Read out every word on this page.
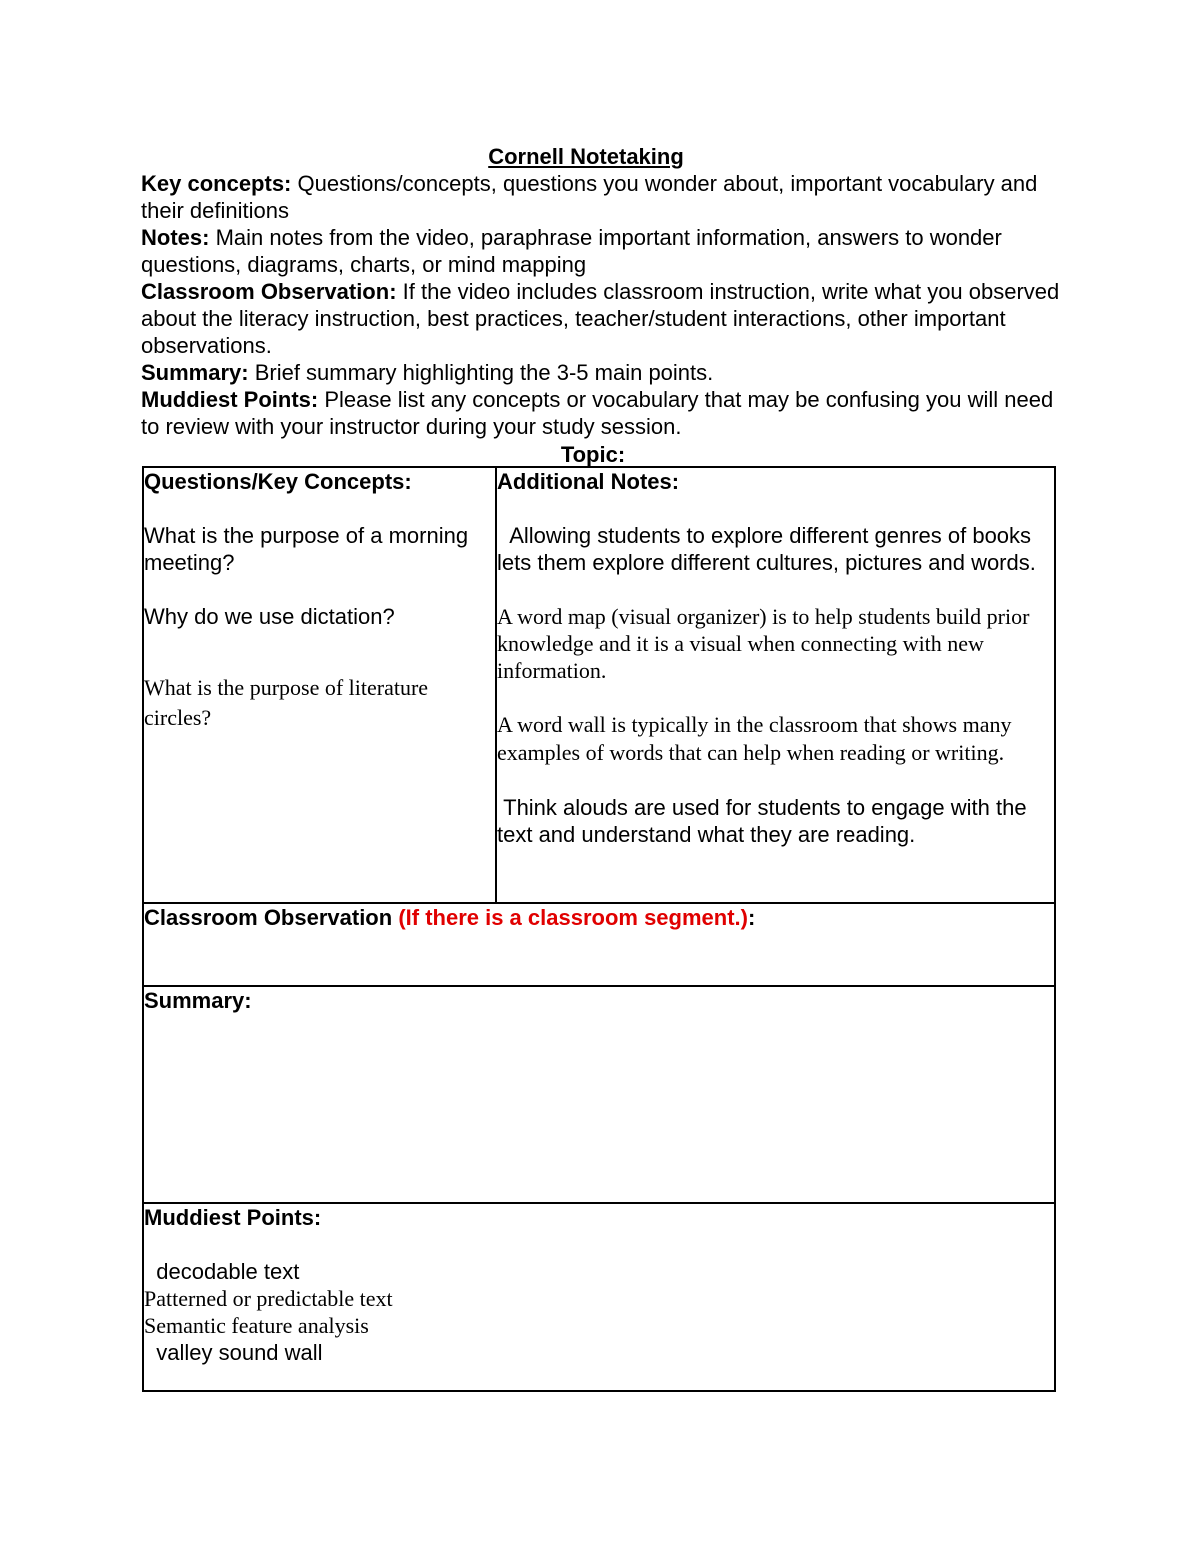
Cornell Notetaking

Key concepts: Questions/concepts, questions you wonder about, important vocabulary and their definitions

Notes: Main notes from the video, paraphrase important information, answers to wonder questions, diagrams, charts, or mind mapping

Classroom Observation: If the video includes classroom instruction, write what you observed about the literacy instruction, best practices, teacher/student interactions, other important observations.

Summary: Brief summary highlighting the 3-5 main points.

Muddiest Points: Please list any concepts or vocabulary that may be confusing you will need to review with your instructor during your study session.

Topic:

Questions/Key Concepts:

What is the purpose of a morning meeting?

Why do we use dictation?

What is the purpose of literature circles?

Additional Notes:

Allowing students to explore different genres of books lets them explore different cultures, pictures and words.

A word map (visual organizer) is to help students build prior knowledge and it is a visual when connecting with new information.

A word wall is typically in the classroom that shows many examples of words that can help when reading or writing.

Think alouds are used for students to engage with the text and understand what they are reading.

Classroom Observation (If there is a classroom segment.):

Summary:

Muddiest Points:

decodable text

Patterned or predictable text

Semantic feature analysis

valley sound wall
